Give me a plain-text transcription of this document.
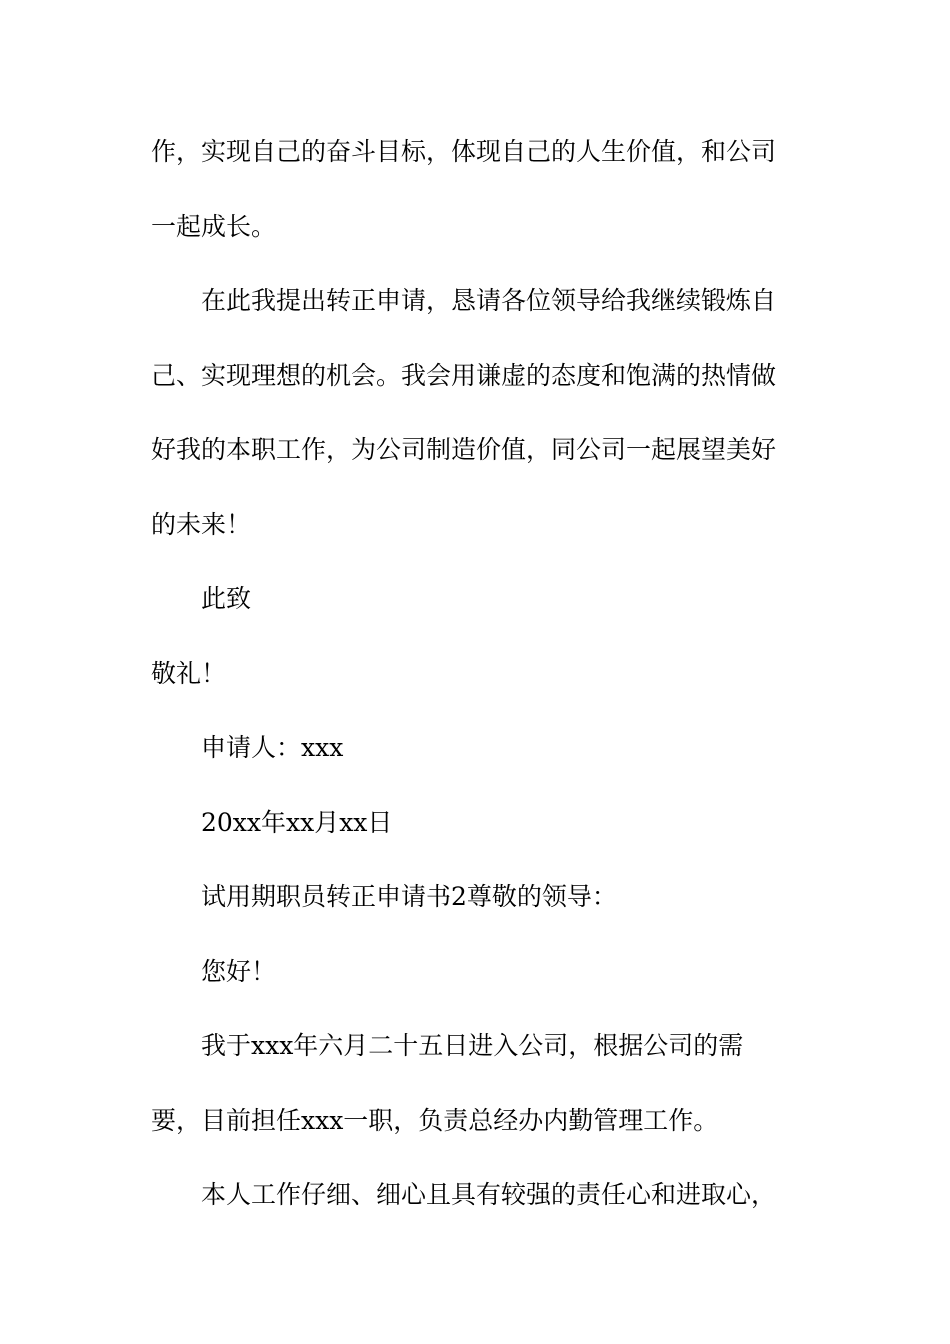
作，实现自己的奋斗目标，体现自己的人生价值，和公司
一起成长。
在此我提出转正申请，恳请各位领导给我继续锻炼自
己、实现理想的机会。我会用谦虚的态度和饱满的热情做
好我的本职工作，为公司制造价值，同公司一起展望美好
的未来！
此致
敬礼！
申请人：xxx
20xx年xx月xx日
试用期职员转正申请书2尊敬的领导：
您好！
我于xxx年六月二十五日进入公司，根据公司的需
要，目前担任xxx一职，负责总经办内勤管理工作。
本人工作仔细、细心且具有较强的责任心和进取心，
